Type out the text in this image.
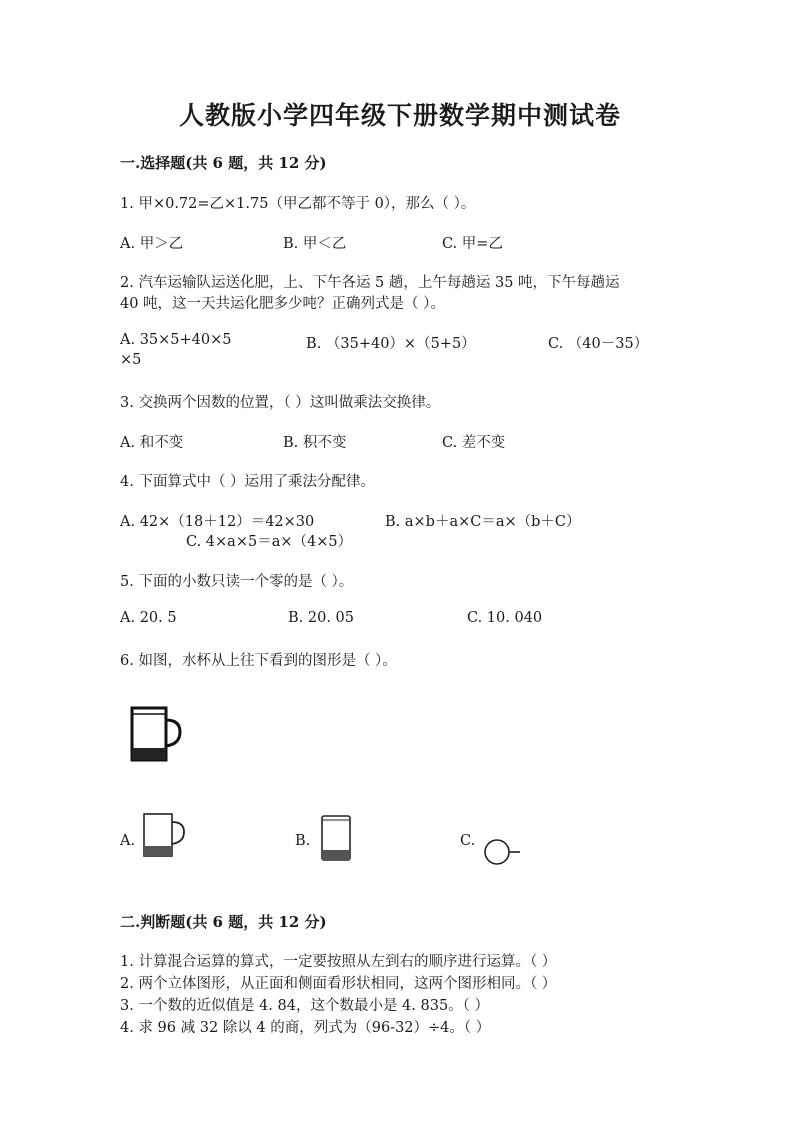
人教版小学四年级下册数学期中测试卷
一.选择题(共 6 题，共 12 分)
1. 甲×0.72=乙×1.75（甲乙都不等于 0），那么（ ）。
A. 甲＞乙	B. 甲＜乙	C. 甲=乙
2. 汽车运输队运送化肥，上、下午各运 5 趟，上午每趟运 35 吨，下午每趟运
40 吨，这一天共运化肥多少吨？正确列式是（ ）。
A. 35×5+40×5	B. （35+40）×（5+5）	C. （40－35）
×5
3. 交换两个因数的位置，（ ）这叫做乘法交换律。
A. 和不变	B. 积不变	C. 差不变
4. 下面算式中（ ）运用了乘法分配律。
A. 42×（18＋12）＝42×30	B. a×b＋a×C＝a×（b＋C）
C. 4×a×5＝a×（4×5）
5. 下面的小数只读一个零的是（ ）。
A. 20. 5	B. 20. 05	C. 10. 040
6. 如图，水杯从上往下看到的图形是（ ）。
A.	B.	C.
二.判断题(共 6 题，共 12 分)
1. 计算混合运算的算式，一定要按照从左到右的顺序进行运算。（ ）
2. 两个立体图形，从正面和侧面看形状相同，这两个图形相同。（ ）
3. 一个数的近似值是 4. 84，这个数最小是 4. 835。（ ）
4. 求 96 减 32 除以 4 的商，列式为（96-32）÷4。（ ）
